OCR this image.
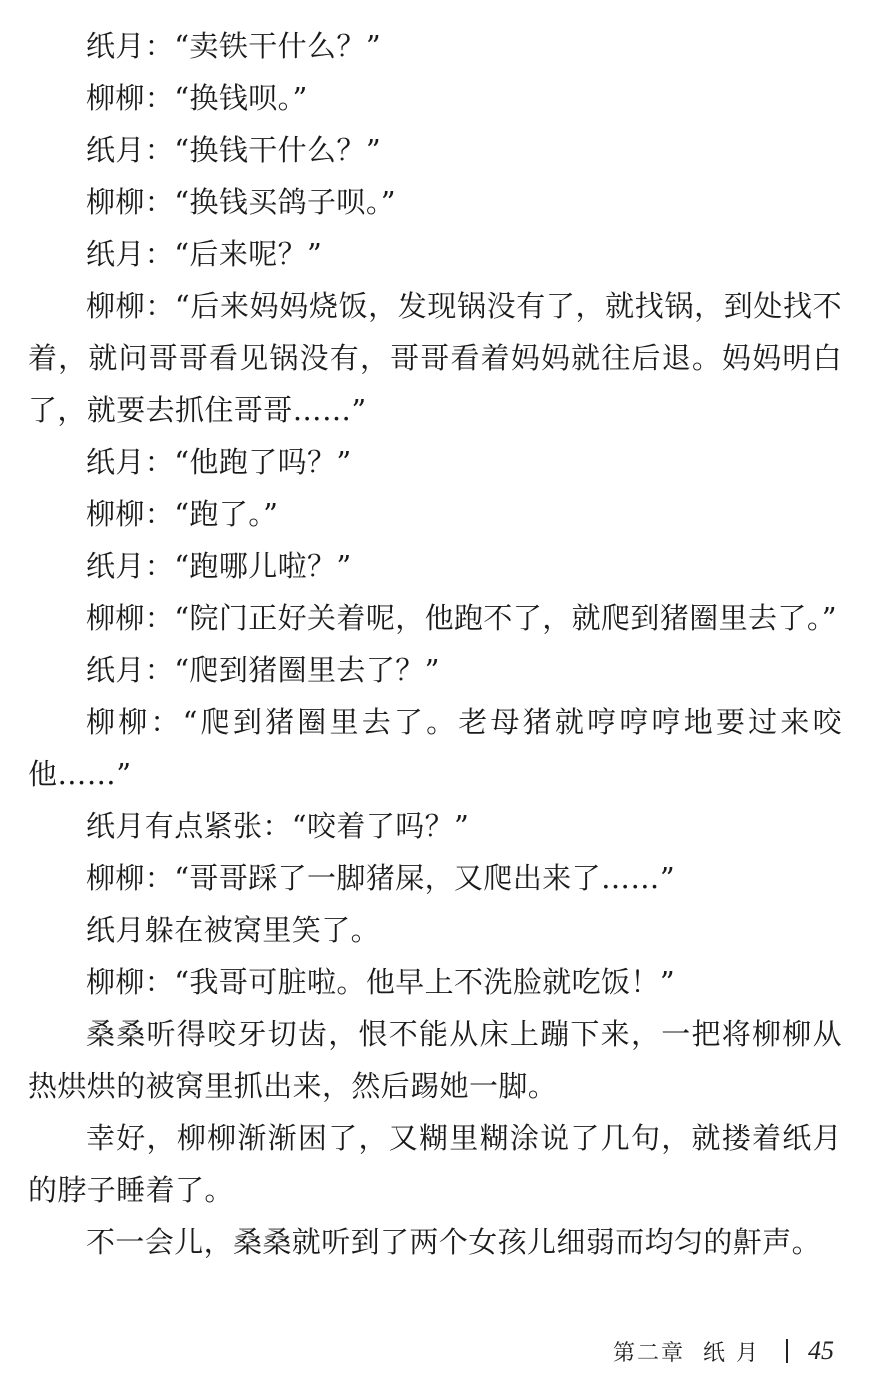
纸月：“卖铁干什么？”

柳柳：“换钱呗。”

纸月：“换钱干什么？”

柳柳：“换钱买鸽子呗。”

纸月：“后来呢？”

柳柳：“后来妈妈烧饭，发现锅没有了，就找锅，到处找不着，就问哥哥看见锅没有，哥哥看着妈妈就往后退。妈妈明白了，就要去抓住哥哥……”

纸月：“他跑了吗？”

柳柳：“跑了。”

纸月：“跑哪儿啦？”

柳柳：“院门正好关着呢，他跑不了，就爬到猪圈里去了。”

纸月：“爬到猪圈里去了？”

柳柳：“爬到猪圈里去了。老母猪就哼哼哼地要过来咬他……”

纸月有点紧张：“咬着了吗？”

柳柳：“哥哥踩了一脚猪屎，又爬出来了……”

纸月躲在被窝里笑了。

柳柳：“我哥可脏啦。他早上不洗脸就吃饭！”

桑桑听得咬牙切齿，恨不能从床上蹦下来，一把将柳柳从热烘烘的被窝里抓出来，然后踢她一脚。

幸好，柳柳渐渐困了，又糊里糊涂说了几句，就搂着纸月的脖子睡着了。

不一会儿，桑桑就听到了两个女孩儿细弱而均匀的鼾声。

第二章  纸 月 45
